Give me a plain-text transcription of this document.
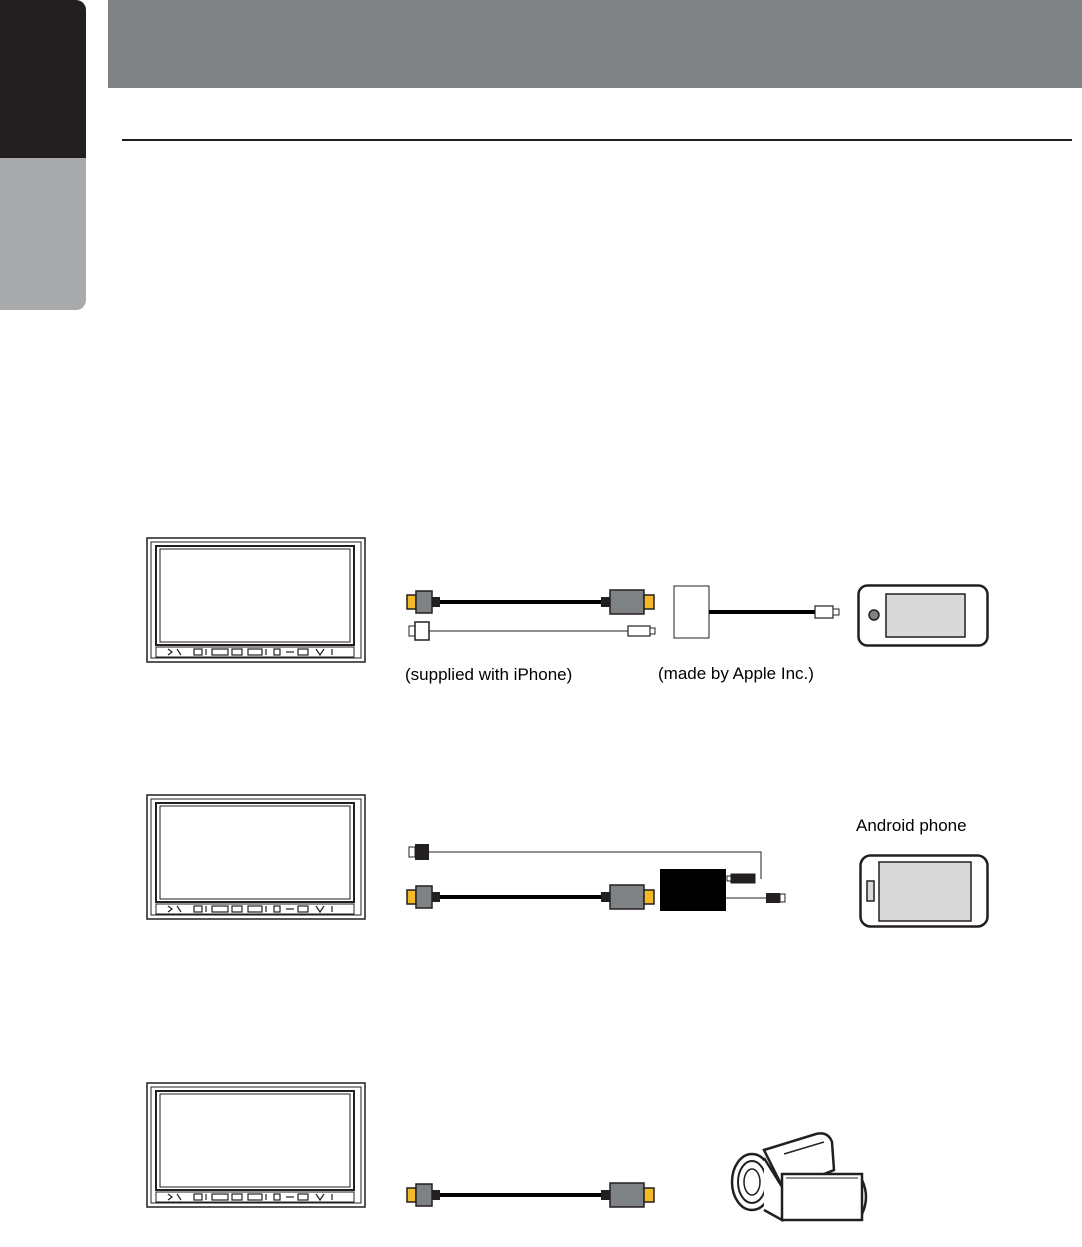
(supplied with iPhone)	(made by Apple Inc.)
Android phone
